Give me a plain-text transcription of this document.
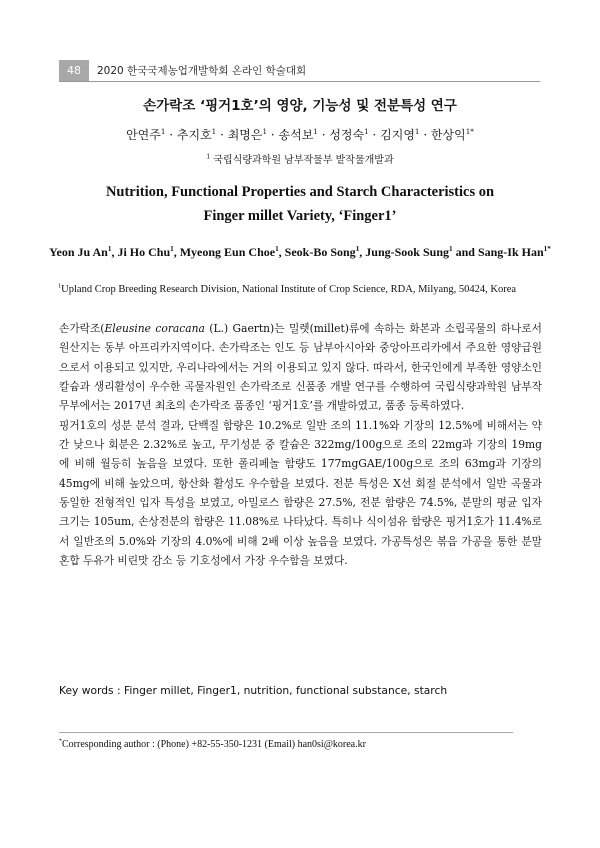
48	2020 한국국제농업개발학회 온라인 학술대회
손가락조 ‘핑거1호’의 영양, 기능성 및 전분특성 연구
안연주$^1$ · 추지호$^1$ · 최명은$^1$ · 송석보$^1$ · 성정숙$^1$ · 김지영$^1$ · 한상익$^{1*}$
$^1$ 국립식량과학원 남부작물부 밭작물개발과
Nutrition, Functional Properties and Starch Characteristics on
Finger millet Variety, ‘Finger1’
Yeon Ju An$^1$, Ji Ho Chu$^1$, Myeong Eun Choe$^1$, Seok-Bo Song$^1$, Jung-Sook Sung$^1$ and Sang-Ik Han$^{1*}$
$^1$Upland Crop Breeding Research Division, National Institute of Crop Science, RDA, Milyang, 50424, Korea

손가락조(Eleusine coracana (L.) Gaertn)는 밀렛(millet)류에 속하는 화본과 소립곡물의 하나로서 원산지는 동부 아프리카지역이다. 손가락조는 인도 등 남부아시아와 중앙아프리카에서 주요한 영양급원으로서 이용되고 있지만, 우리나라에서는 거의 이용되고 있지 않다. 따라서, 한국인에게 부족한 영양소인 칼슘과 생리활성이 우수한 곡물자원인 손가락조로 신품종 개발 연구를 수행하여 국립식량과학원 남부작무부에서는 2017년 최초의 손가락조 품종인 ‘핑거1호’를 개발하였고, 품종 등록하였다.

핑거1호의 성분 분석 결과, 단백질 함량은 10.2%로 일반 조의 11.1%와 기장의 12.5%에 비해서는 약간 낮으나 회분은 2.32%로 높고, 무기성분 중 칼슘은 322mg/100g으로 조의 22mg과 기장의 19mg에 비해 월등히 높음을 보였다. 또한 폴리페놀 함량도 177mgGAE/100g으로 조의 63mg과 기장의 45mg에 비해 높았으며, 항산화 활성도 우수함을 보였다. 전분 특성은 X선 회절 분석에서 일반 곡물과 동일한 전형적인 입자 특성을 보였고, 아밀로스 함량은 27.5%, 전분 함량은 74.5%, 분말의 평균 입자크기는 105um, 손상전분의 함량은 11.08%로 나타났다. 특히나 식이섬유 함량은 핑거1호가 11.4%로서 일반조의 5.0%와 기장의 4.0%에 비해 2배 이상 높음을 보였다. 가공특성은 볶음 가공을 통한 분말혼합 두유가 비린맛 감소 등 기호성에서 가장 우수함을 보였다.

Key words : Finger millet, Finger1, nutrition, functional substance, starch
*Corresponding author : (Phone) +82-55-350-1231 (Email) han0si@korea.kr
